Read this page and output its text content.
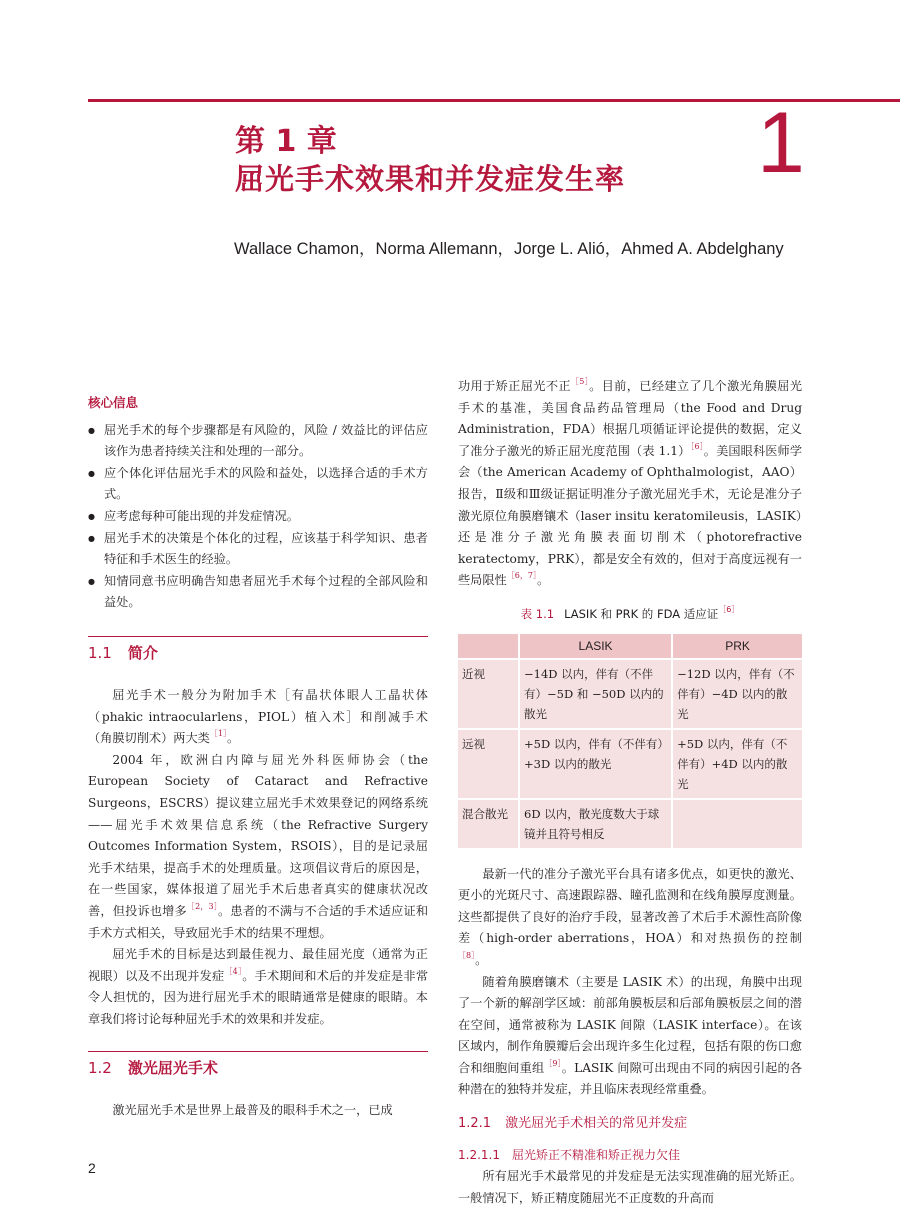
第 1 章
屈光手术效果和并发症发生率 1
Wallace Chamon，Norma Allemann，Jorge L. Alió，Ahmed A. Abdelghany
核心信息
● 屈光手术的每个步骤都是有风险的，风险 / 效益比的评估应该作为患者持续关注和处理的一部分。
● 应个体化评估屈光手术的风险和益处，以选择合适的手术方式。
● 应考虑每种可能出现的并发症情况。
● 屈光手术的决策是个体化的过程，应该基于科学知识、患者特征和手术医生的经验。
● 知情同意书应明确告知患者屈光手术每个过程的全部风险和益处。
1.1 简介

屈光手术一般分为附加手术［有晶状体眼人工晶状体（phakic intraocularlens，PIOL）植入术］和削减手术（角膜切削术）两大类$^{[1]}$。

2004 年，欧洲白内障与屈光外科医师协会（the European Society of Cataract and Refractive Surgeons，ESCRS）提议建立屈光手术效果登记的网络系统——屈光手术效果信息系统（the Refractive Surgery Outcomes Information System，RSOIS），目的是记录屈光手术结果，提高手术的处理质量。这项倡议背后的原因是，在一些国家，媒体报道了屈光手术后患者真实的健康状况改善，但投诉也增多$^{[2,3]}$。患者的不满与不合适的手术适应证和手术方式相关，导致屈光手术的结果不理想。

屈光手术的目标是达到最佳视力、最佳屈光度（通常为正视眼）以及不出现并发症$^{[4]}$。手术期间和术后的并发症是非常令人担忧的，因为进行屈光手术的眼睛通常是健康的眼睛。本章我们将讨论每种屈光手术的效果和并发症。

1.2 激光屈光手术

激光屈光手术是世界上最普及的眼科手术之一，已成

功用于矫正屈光不正$^{[5]}$。目前，已经建立了几个激光角膜屈光手术的基准，美国食品药品管理局（the Food and Drug Administration，FDA）根据几项循证评论提供的数据，定义了准分子激光的矫正屈光度范围（表 1.1）$^{[6]}$。美国眼科医师学会（the American Academy of Ophthalmologist，AAO）报告，Ⅱ级和Ⅲ级证据证明准分子激光屈光手术，无论是准分子激光原位角膜磨镶术（laser insitu keratomileusis，LASIK）还是准分子激光角膜表面切削术（photorefractive keratectomy，PRK），都是安全有效的，但对于高度远视有一些局限性$^{[6,7]}$。

表 1.1 LASIK 和 PRK 的 FDA 适应证$^{[6]}$
	LASIK	PRK
近视	−14D 以内，伴有（不伴有）−5D 和 −50D 以内的散光	−12D 以内，伴有（不伴有）−4D 以内的散光
远视	+5D 以内，伴有（不伴有）+3D 以内的散光	+5D 以内，伴有（不伴有）+4D 以内的散光
混合散光	6D 以内，散光度数大于球镜并且符号相反	

最新一代的准分子激光平台具有诸多优点，如更快的激光、更小的光斑尺寸、高速跟踪器、瞳孔监测和在线角膜厚度测量。这些都提供了良好的治疗手段，显著改善了术后手术源性高阶像差（high-order aberrations，HOA）和对热损伤的控制$^{[8]}$。

随着角膜磨镶术（主要是 LASIK 术）的出现，角膜中出现了一个新的解剖学区域：前部角膜板层和后部角膜板层之间的潜在空间，通常被称为 LASIK 间隙（LASIK interface）。在该区域内，制作角膜瓣后会出现许多生化过程，包括有限的伤口愈合和细胞间重组$^{[9]}$。LASIK 间隙可出现由不同的病因引起的各种潜在的独特并发症，并且临床表现经常重叠。

1.2.1 激光屈光手术相关的常见并发症
1.2.1.1 屈光矫正不精准和矫正视力欠佳

所有屈光手术最常见的并发症是无法实现准确的屈光矫正。一般情况下，矫正精度随屈光不正度数的升高而

2
